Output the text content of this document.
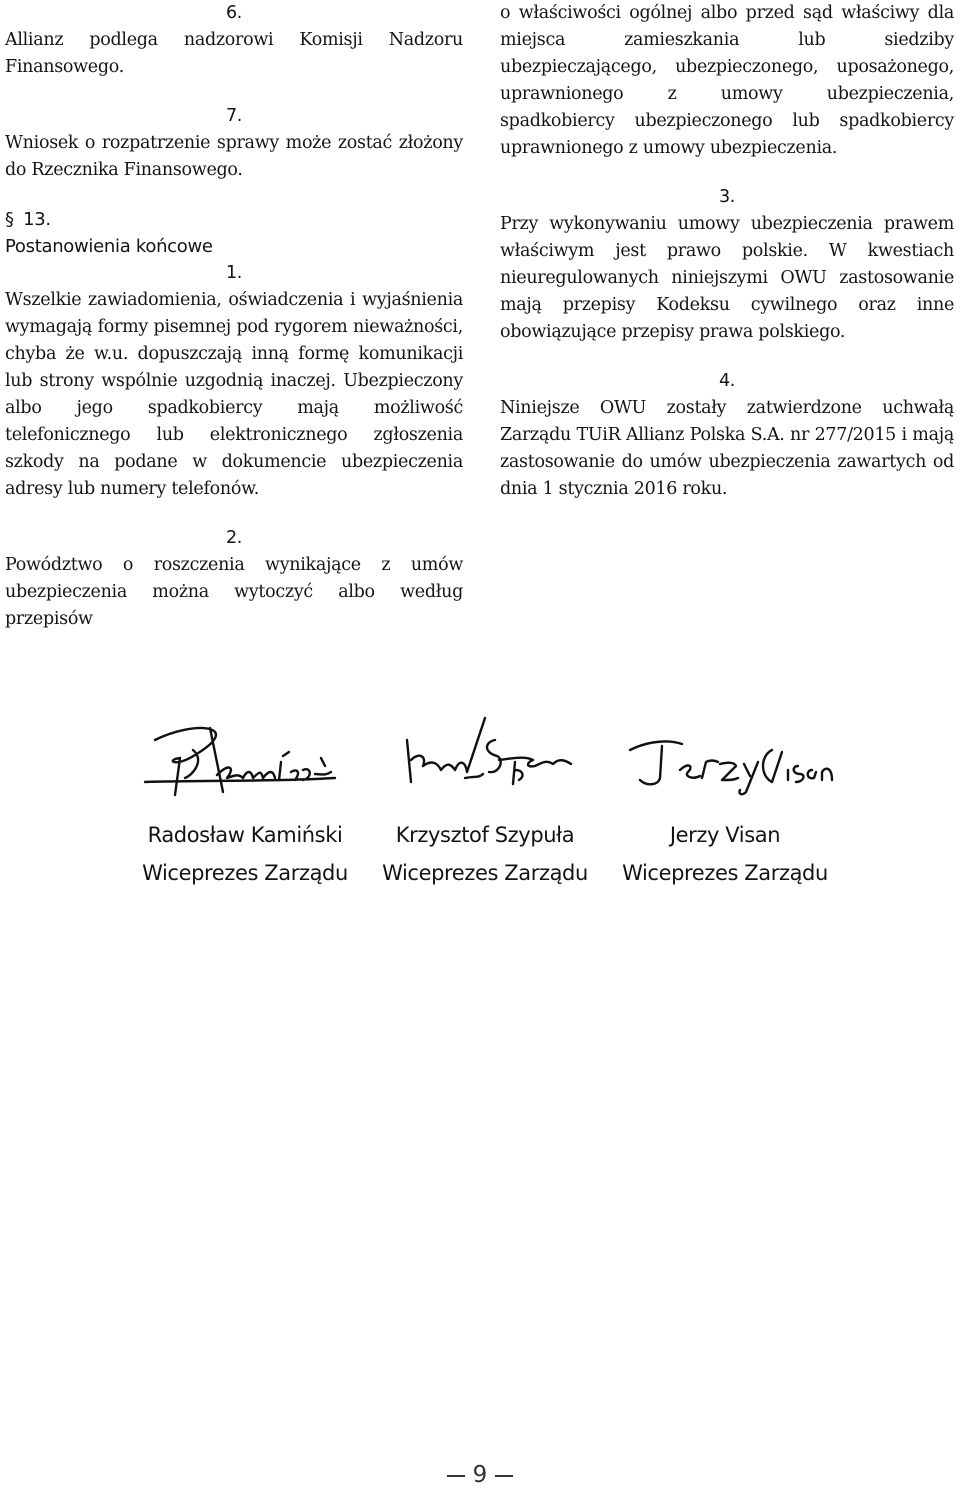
6.

Allianz podlega nadzorowi Komisji Nadzoru Finansowego.

7.

Wniosek o rozpatrzenie sprawy może zostać złożony do Rzecznika Finansowego.

§ 13.

Postanowienia końcowe

1.

Wszelkie zawiadomienia, oświadczenia i wyjaśnienia wymagają formy pisemnej pod rygorem nieważności, chyba że w.u. dopuszczają inną formę komunikacji lub strony wspólnie uzgodnią inaczej. Ubezpieczony albo jego spadkobiercy mają możliwość telefonicznego lub elektronicznego zgłoszenia szkody na podane w dokumencie ubezpieczenia adresy lub numery telefonów.

2.

Powództwo o roszczenia wynikające z umów ubezpieczenia można wytoczyć albo według przepisów

o właściwości ogólnej albo przed sąd właściwy dla miejsca zamieszkania lub siedziby ubezpieczającego, ubezpieczonego, uposażonego, uprawnionego z umowy ubezpieczenia, spadkobiercy ubezpieczonego lub spadkobiercy uprawnionego z umowy ubezpieczenia.

3.

Przy wykonywaniu umowy ubezpieczenia prawem właściwym jest prawo polskie. W kwestiach nieuregulowanych niniejszymi OWU zastosowanie mają przepisy Kodeksu cywilnego oraz inne obowiązujące przepisy prawa polskiego.

4.

Niniejsze OWU zostały zatwierdzone uchwałą Zarządu TUiR Allianz Polska S.A. nr 277/2015 i mają zastosowanie do umów ubezpieczenia zawartych od dnia 1 stycznia 2016 roku.

Radosław Kamiński
Wiceprezes Zarządu
Krzysztof Szypuła
Wiceprezes Zarządu
Jerzy Visan
Wiceprezes Zarządu
9
